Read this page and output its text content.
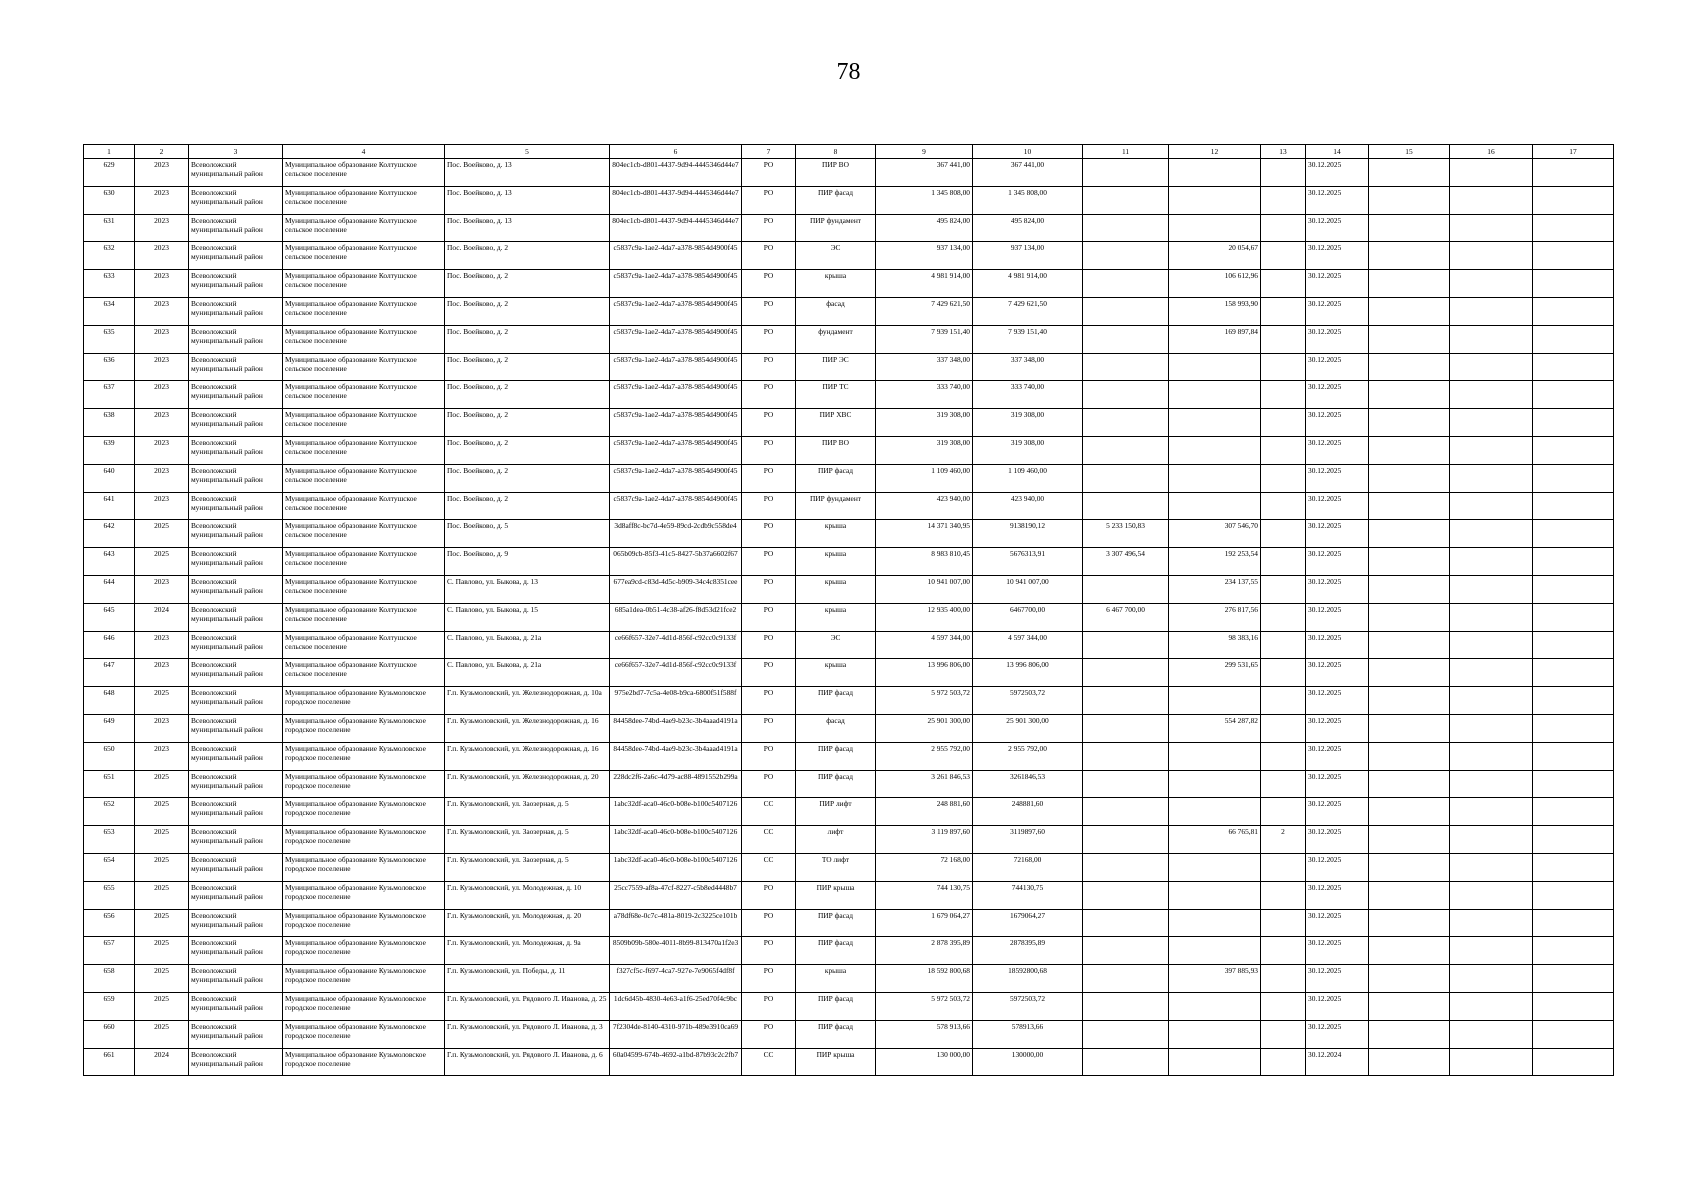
78
1	2	3	4	5	6	7	8	9	10	11	12	13	14	15	16	17
629	2023	Всеволожский муниципальный район	Муниципальное образование Колтушское сельское поселение	Пос. Воейково, д. 13	804ec1cb-d801-4437-9d94-4445346d44e7	РО	ПИР ВО	367 441,00	367 441,00				30.12.2025			
630	2023	Всеволожский муниципальный район	Муниципальное образование Колтушское сельское поселение	Пос. Воейково, д. 13	804ec1cb-d801-4437-9d94-4445346d44e7	РО	ПИР фасад	1 345 808,00	1 345 808,00				30.12.2025			
631	2023	Всеволожский муниципальный район	Муниципальное образование Колтушское сельское поселение	Пос. Воейково, д. 13	804ec1cb-d801-4437-9d94-4445346d44e7	РО	ПИР фундамент	495 824,00	495 824,00				30.12.2025			
632	2023	Всеволожский муниципальный район	Муниципальное образование Колтушское сельское поселение	Пос. Воейково, д. 2	c5837c9a-1ae2-4da7-a378-9854d4900f45	РО	ЭС	937 134,00	937 134,00		20 054,67		30.12.2025			
633	2023	Всеволожский муниципальный район	Муниципальное образование Колтушское сельское поселение	Пос. Воейково, д. 2	c5837c9a-1ae2-4da7-a378-9854d4900f45	РО	крыша	4 981 914,00	4 981 914,00		106 612,96		30.12.2025			
634	2023	Всеволожский муниципальный район	Муниципальное образование Колтушское сельское поселение	Пос. Воейково, д. 2	c5837c9a-1ae2-4da7-a378-9854d4900f45	РО	фасад	7 429 621,50	7 429 621,50		158 993,90		30.12.2025			
635	2023	Всеволожский муниципальный район	Муниципальное образование Колтушское сельское поселение	Пос. Воейково, д. 2	c5837c9a-1ae2-4da7-a378-9854d4900f45	РО	фундамент	7 939 151,40	7 939 151,40		169 897,84		30.12.2025			
636	2023	Всеволожский муниципальный район	Муниципальное образование Колтушское сельское поселение	Пос. Воейково, д. 2	c5837c9a-1ae2-4da7-a378-9854d4900f45	РО	ПИР ЭС	337 348,00	337 348,00				30.12.2025			
637	2023	Всеволожский муниципальный район	Муниципальное образование Колтушское сельское поселение	Пос. Воейково, д. 2	c5837c9a-1ae2-4da7-a378-9854d4900f45	РО	ПИР ТС	333 740,00	333 740,00				30.12.2025			
638	2023	Всеволожский муниципальный район	Муниципальное образование Колтушское сельское поселение	Пос. Воейково, д. 2	c5837c9a-1ae2-4da7-a378-9854d4900f45	РО	ПИР ХВС	319 308,00	319 308,00				30.12.2025			
639	2023	Всеволожский муниципальный район	Муниципальное образование Колтушское сельское поселение	Пос. Воейково, д. 2	c5837c9a-1ae2-4da7-a378-9854d4900f45	РО	ПИР ВО	319 308,00	319 308,00				30.12.2025			
640	2023	Всеволожский муниципальный район	Муниципальное образование Колтушское сельское поселение	Пос. Воейково, д. 2	c5837c9a-1ae2-4da7-a378-9854d4900f45	РО	ПИР фасад	1 109 460,00	1 109 460,00				30.12.2025			
641	2023	Всеволожский муниципальный район	Муниципальное образование Колтушское сельское поселение	Пос. Воейково, д. 2	c5837c9a-1ae2-4da7-a378-9854d4900f45	РО	ПИР фундамент	423 940,00	423 940,00				30.12.2025			
642	2025	Всеволожский муниципальный район	Муниципальное образование Колтушское сельское поселение	Пос. Воейково, д. 5	3d8aff8c-bc7d-4e59-89cd-2cdb9c558de4	РО	крыша	14 371 340,95	9138190,12	5 233 150,83	307 546,70		30.12.2025			
643	2025	Всеволожский муниципальный район	Муниципальное образование Колтушское сельское поселение	Пос. Воейково, д. 9	065b09cb-85f3-41c5-8427-5b37a6602f67	РО	крыша	8 983 810,45	5676313,91	3 307 496,54	192 253,54		30.12.2025			
644	2023	Всеволожский муниципальный район	Муниципальное образование Колтушское сельское поселение	С. Павлово, ул. Быкова, д. 13	677ea9cd-c83d-4d5c-b909-34c4c8351cee	РО	крыша	10 941 007,00	10 941 007,00		234 137,55		30.12.2025			
645	2024	Всеволожский муниципальный район	Муниципальное образование Колтушское сельское поселение	С. Павлово, ул. Быкова, д. 15	685a1dea-0b51-4c38-af26-f8d53d21fce2	РО	крыша	12 935 400,00	6467700,00	6 467 700,00	276 817,56		30.12.2025			
646	2023	Всеволожский муниципальный район	Муниципальное образование Колтушское сельское поселение	С. Павлово, ул. Быкова, д. 21а	ce66f657-32e7-4d1d-856f-c92cc0c9133f	РО	ЭС	4 597 344,00	4 597 344,00		98 383,16		30.12.2025			
647	2023	Всеволожский муниципальный район	Муниципальное образование Колтушское сельское поселение	С. Павлово, ул. Быкова, д. 21а	ce66f657-32e7-4d1d-856f-c92cc0c9133f	РО	крыша	13 996 806,00	13 996 806,00		299 531,65		30.12.2025			
648	2025	Всеволожский муниципальный район	Муниципальное образование Кузьмоловское городское поселение	Г.п. Кузьмоловский, ул. Железнодорожная, д. 10а	975e2bd7-7c5a-4e08-b9ca-6800f51f588f	РО	ПИР фасад	5 972 503,72	5972503,72				30.12.2025			
649	2023	Всеволожский муниципальный район	Муниципальное образование Кузьмоловское городское поселение	Г.п. Кузьмоловский, ул. Железнодорожная, д. 16	84458dee-74bd-4ae9-b23c-3b4aaad4191a	РО	фасад	25 901 300,00	25 901 300,00		554 287,82		30.12.2025			
650	2023	Всеволожский муниципальный район	Муниципальное образование Кузьмоловское городское поселение	Г.п. Кузьмоловский, ул. Железнодорожная, д. 16	84458dee-74bd-4ae9-b23c-3b4aaad4191a	РО	ПИР фасад	2 955 792,00	2 955 792,00				30.12.2025			
651	2025	Всеволожский муниципальный район	Муниципальное образование Кузьмоловское городское поселение	Г.п. Кузьмоловский, ул. Железнодорожная, д. 20	228dc2f6-2a6c-4d79-ac88-4891552b299a	РО	ПИР фасад	3 261 846,53	3261846,53				30.12.2025			
652	2025	Всеволожский муниципальный район	Муниципальное образование Кузьмоловское городское поселение	Г.п. Кузьмоловский, ул. Заозерная, д. 5	1abc32df-aca0-46c0-b08e-b100c5407126	СС	ПИР лифт	248 881,60	248881,60				30.12.2025			
653	2025	Всеволожский муниципальный район	Муниципальное образование Кузьмоловское городское поселение	Г.п. Кузьмоловский, ул. Заозерная, д. 5	1abc32df-aca0-46c0-b08e-b100c5407126	СС	лифт	3 119 897,60	3119897,60		66 765,81	2	30.12.2025			
654	2025	Всеволожский муниципальный район	Муниципальное образование Кузьмоловское городское поселение	Г.п. Кузьмоловский, ул. Заозерная, д. 5	1abc32df-aca0-46c0-b08e-b100c5407126	СС	ТО лифт	72 168,00	72168,00				30.12.2025			
655	2025	Всеволожский муниципальный район	Муниципальное образование Кузьмоловское городское поселение	Г.п. Кузьмоловский, ул. Молодежная, д. 10	25cc7559-af8a-47cf-8227-c5b8ed4448b7	РО	ПИР крыша	744 130,75	744130,75				30.12.2025			
656	2025	Всеволожский муниципальный район	Муниципальное образование Кузьмоловское городское поселение	Г.п. Кузьмоловский, ул. Молодежная, д. 20	a78df68e-0c7c-481a-8019-2c3225ce101b	РО	ПИР фасад	1 679 064,27	1679064,27				30.12.2025			
657	2025	Всеволожский муниципальный район	Муниципальное образование Кузьмоловское городское поселение	Г.п. Кузьмоловский, ул. Молодежная, д. 9а	8509b09b-580e-4011-8b99-813470a1f2e3	РО	ПИР фасад	2 878 395,89	2878395,89				30.12.2025			
658	2025	Всеволожский муниципальный район	Муниципальное образование Кузьмоловское городское поселение	Г.п. Кузьмоловский, ул. Победы, д. 11	f327cf5c-f697-4ca7-927e-7e9065f4df8f	РО	крыша	18 592 800,68	18592800,68		397 885,93		30.12.2025			
659	2025	Всеволожский муниципальный район	Муниципальное образование Кузьмоловское городское поселение	Г.п. Кузьмоловский, ул. Рядового Л. Иванова, д. 25	1dc6d45b-4830-4e63-a1f6-25ed70f4c9bc	РО	ПИР фасад	5 972 503,72	5972503,72				30.12.2025			
660	2025	Всеволожский муниципальный район	Муниципальное образование Кузьмоловское городское поселение	Г.п. Кузьмоловский, ул. Рядового Л. Иванова, д. 3	7f2304de-8140-4310-971b-489e3910ca69	РО	ПИР фасад	578 913,66	578913,66				30.12.2025			
661	2024	Всеволожский муниципальный район	Муниципальное образование Кузьмоловское городское поселение	Г.п. Кузьмоловский, ул. Рядового Л. Иванова, д. 6	60a04599-674b-4692-a1bd-87b93c2c2fb7	СС	ПИР крыша	130 000,00	130000,00				30.12.2024			
